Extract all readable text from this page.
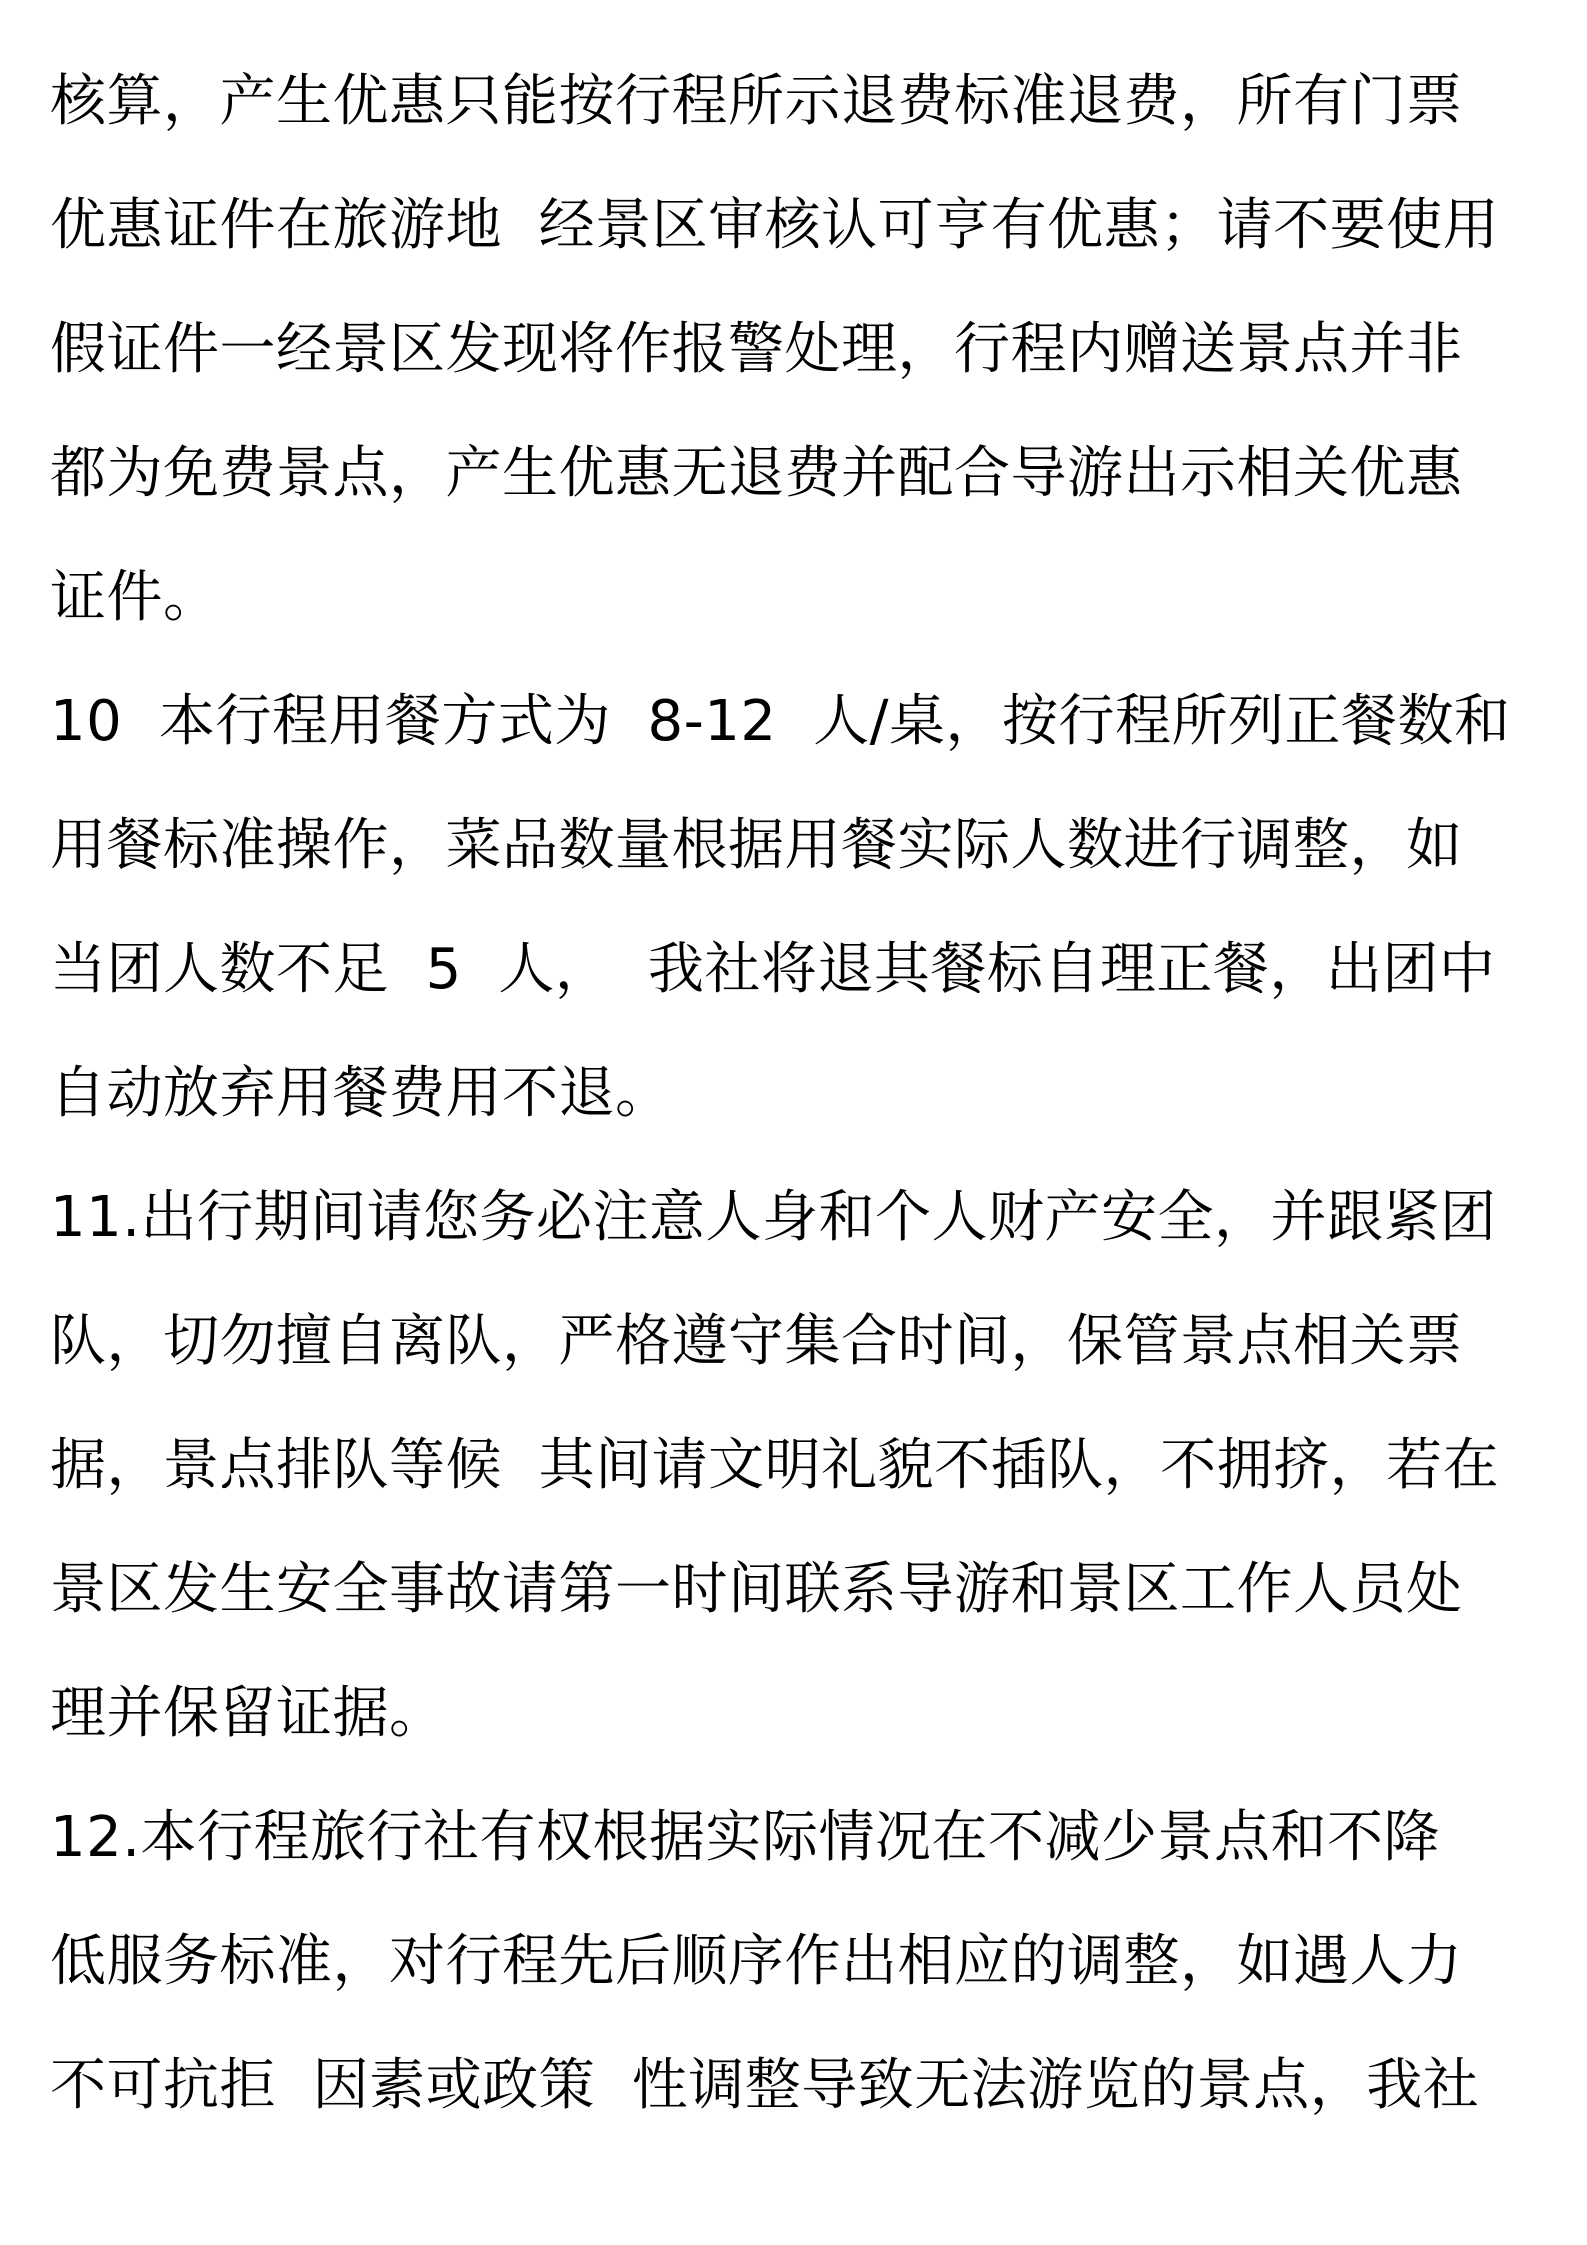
核算，产生优惠只能按行程所示退费标准退费，所有门票
优惠证件在旅游地  经景区审核认可亨有优惠；请不要使用
假证件一经景区发现将作报警处理，行程内赠送景点并非
都为免费景点，产生优惠无退费并配合导游出示相关优惠
证件。
10  本行程用餐方式为  8-12  人/桌，按行程所列正餐数和
用餐标准操作，菜品数量根据用餐实际人数进行调整，如
当团人数不足  5  人，  我社将退其餐标自理正餐，出团中
自动放弃用餐费用不退。
11.出行期间请您务必注意人身和个人财产安全，并跟紧团
队，切勿擅自离队，严格遵守集合时间，保管景点相关票
据，景点排队等候  其间请文明礼貌不插队，不拥挤，若在
景区发生安全事故请第一时间联系导游和景区工作人员处
理并保留证据。
12.本行程旅行社有权根据实际情况在不减少景点和不降
低服务标准，对行程先后顺序作出相应的调整，如遇人力
不可抗拒  因素或政策  性调整导致无法游览的景点，我社
